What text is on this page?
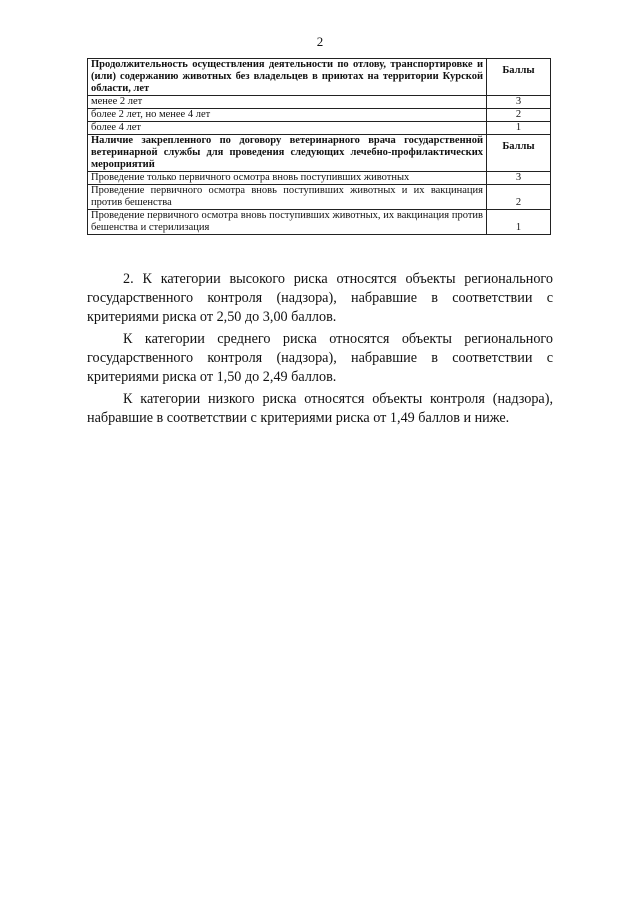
2
Продолжительность осуществления деятельности по отлову, транспортировке и (или) содержанию животных без владельцев в приютах на территории Курской области, лет	Баллы
менее 2 лет	3
более 2 лет, но менее 4 лет	2
более 4 лет	1
Наличие закрепленного по договору ветеринарного врача государственной ветеринарной службы для проведения следующих лечебно-профилактических мероприятий	Баллы
Проведение только первичного осмотра вновь поступивших животных	3
Проведение первичного осмотра вновь поступивших животных и их вакцинация против бешенства	2
Проведение первичного осмотра вновь поступивших животных, их вакцинация против бешенства и стерилизация	1

2. К категории высокого риска относятся объекты регионального государственного контроля (надзора), набравшие в соответствии с критериями риска от 2,50 до 3,00 баллов.

К категории среднего риска относятся объекты регионального государственного контроля (надзора), набравшие в соответствии с критериями риска от 1,50 до 2,49 баллов.

К категории низкого риска относятся объекты контроля (надзора), набравшие в соответствии с критериями риска от 1,49 баллов и ниже.
